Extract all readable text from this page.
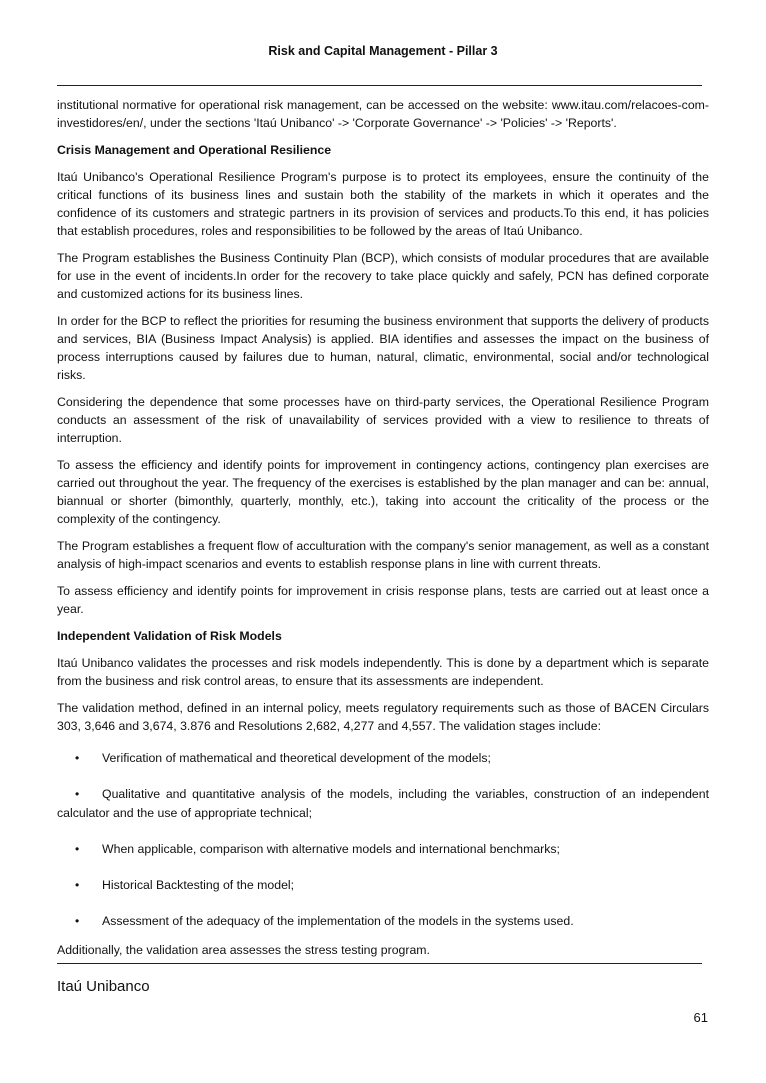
Risk and Capital Management - Pillar 3

institutional normative for operational risk management, can be accessed on the website: www.itau.com/relacoes-com-investidores/en/, under the sections 'Itaú Unibanco' -> 'Corporate Governance' -> 'Policies' -> 'Reports'.

Crisis Management and Operational Resilience

Itaú Unibanco's Operational Resilience Program's purpose is to protect its employees, ensure the continuity of the critical functions of its business lines and sustain both the stability of the markets in which it operates and the confidence of its customers and strategic partners in its provision of services and products.To this end, it has policies that establish procedures, roles and responsibilities to be followed by the areas of Itaú Unibanco.

The Program establishes the Business Continuity Plan (BCP), which consists of modular procedures that are available for use in the event of incidents.In order for the recovery to take place quickly and safely, PCN has defined corporate and customized actions for its business lines.

In order for the BCP to reflect the priorities for resuming the business environment that supports the delivery of products and services, BIA (Business Impact Analysis) is applied. BIA identifies and assesses the impact on the business of process interruptions caused by failures due to human, natural, climatic, environmental, social and/or technological risks.

Considering the dependence that some processes have on third-party services, the Operational Resilience Program conducts an assessment of the risk of unavailability of services provided with a view to resilience to threats of interruption.

To assess the efficiency and identify points for improvement in contingency actions, contingency plan exercises are carried out throughout the year. The frequency of the exercises is established by the plan manager and can be: annual, biannual or shorter (bimonthly, quarterly, monthly, etc.), taking into account the criticality of the process or the complexity of the contingency.

The Program establishes a frequent flow of acculturation with the company's senior management, as well as a constant analysis of high-impact scenarios and events to establish response plans in line with current threats.

To assess efficiency and identify points for improvement in crisis response plans, tests are carried out at least once a year.

Independent Validation of Risk Models

Itaú Unibanco validates the processes and risk models independently. This is done by a department which is separate from the business and risk control areas, to ensure that its assessments are independent.

The validation method, defined in an internal policy, meets regulatory requirements such as those of BACEN Circulars 303, 3,646 and 3,674, 3.876 and Resolutions 2,682, 4,277 and 4,557. The validation stages include:

• Verification of mathematical and theoretical development of the models;
• Qualitative and quantitative analysis of the models, including the variables, construction of an independent calculator and the use of appropriate technical;
• When applicable, comparison with alternative models and international benchmarks;
• Historical Backtesting of the model;
• Assessment of the adequacy of the implementation of the models in the systems used.

Additionally, the validation area assesses the stress testing program.

Itaú Unibanco
61
